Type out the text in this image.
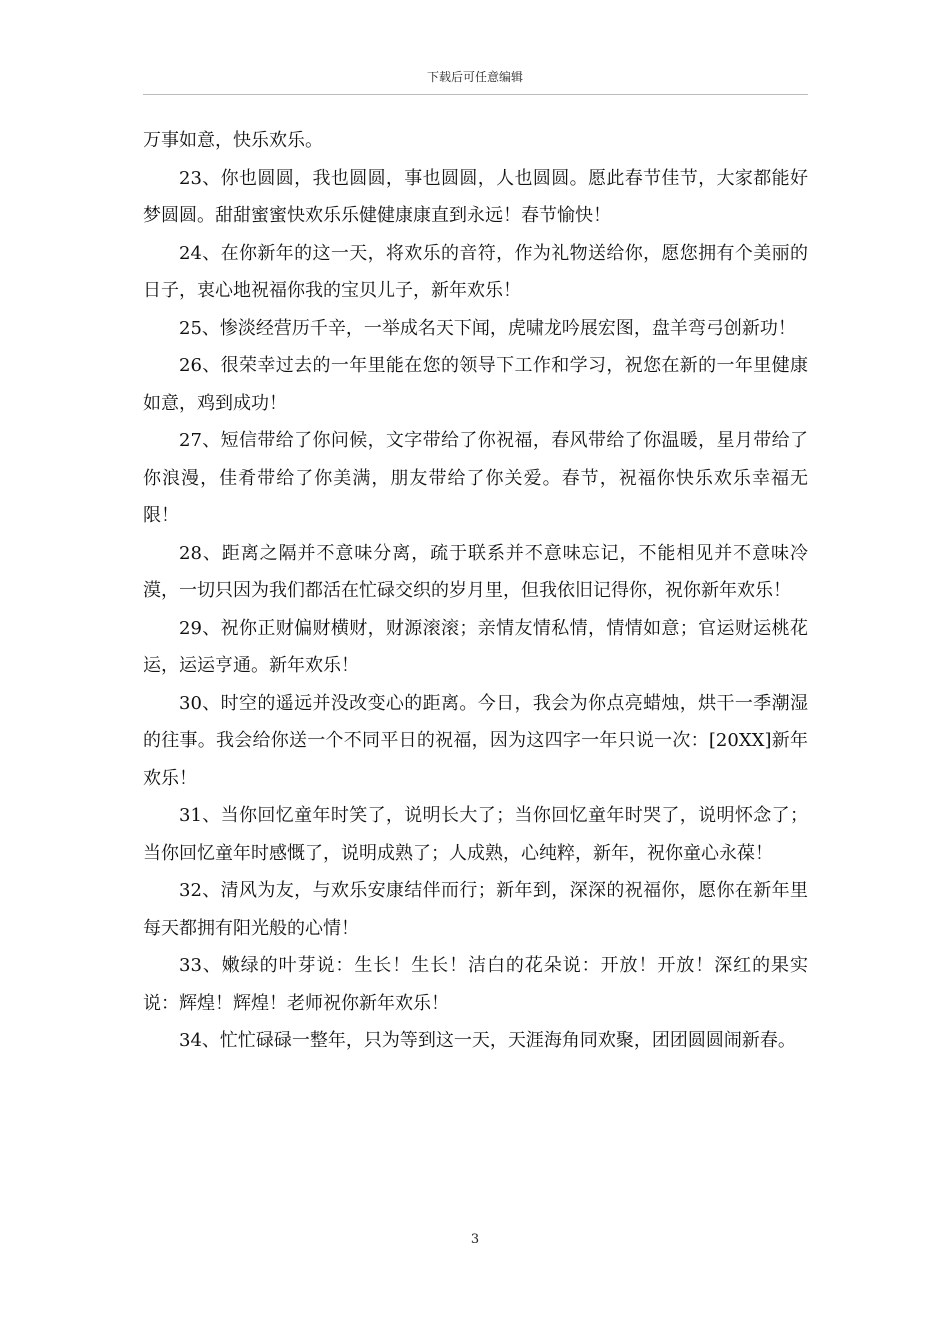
下载后可任意编辑

万事如意，快乐欢乐。

23、你也圆圆，我也圆圆，事也圆圆，人也圆圆。愿此春节佳节，大家都能好梦圆圆。甜甜蜜蜜快欢乐乐健健康康直到永远！春节愉快！

24、在你新年的这一天，将欢乐的音符，作为礼物送给你，愿您拥有个美丽的日子，衷心地祝福你我的宝贝儿子，新年欢乐！

25、惨淡经营历千辛，一举成名天下闻，虎啸龙吟展宏图，盘羊弯弓创新功！

26、很荣幸过去的一年里能在您的领导下工作和学习，祝您在新的一年里健康如意，鸡到成功！

27、短信带给了你问候，文字带给了你祝福，春风带给了你温暖，星月带给了你浪漫，佳肴带给了你美满，朋友带给了你关爱。春节，祝福你快乐欢乐幸福无限！

28、距离之隔并不意味分离，疏于联系并不意味忘记，不能相见并不意味冷漠，一切只因为我们都活在忙碌交织的岁月里，但我依旧记得你，祝你新年欢乐！

29、祝你正财偏财横财，财源滚滚；亲情友情私情，情情如意；官运财运桃花运，运运亨通。新年欢乐！

30、时空的遥远并没改变心的距离。今日，我会为你点亮蜡烛，烘干一季潮湿的往事。我会给你送一个不同平日的祝福，因为这四字一年只说一次：[20XX]新年欢乐！

31、当你回忆童年时笑了，说明长大了；当你回忆童年时哭了，说明怀念了；当你回忆童年时感慨了，说明成熟了；人成熟，心纯粹，新年，祝你童心永葆！

32、清风为友，与欢乐安康结伴而行；新年到，深深的祝福你，愿你在新年里每天都拥有阳光般的心情！

33、嫩绿的叶芽说：生长！生长！洁白的花朵说：开放！开放！深红的果实说：辉煌！辉煌！老师祝你新年欢乐！

34、忙忙碌碌一整年，只为等到这一天，天涯海角同欢聚，团团圆圆闹新春。

3
